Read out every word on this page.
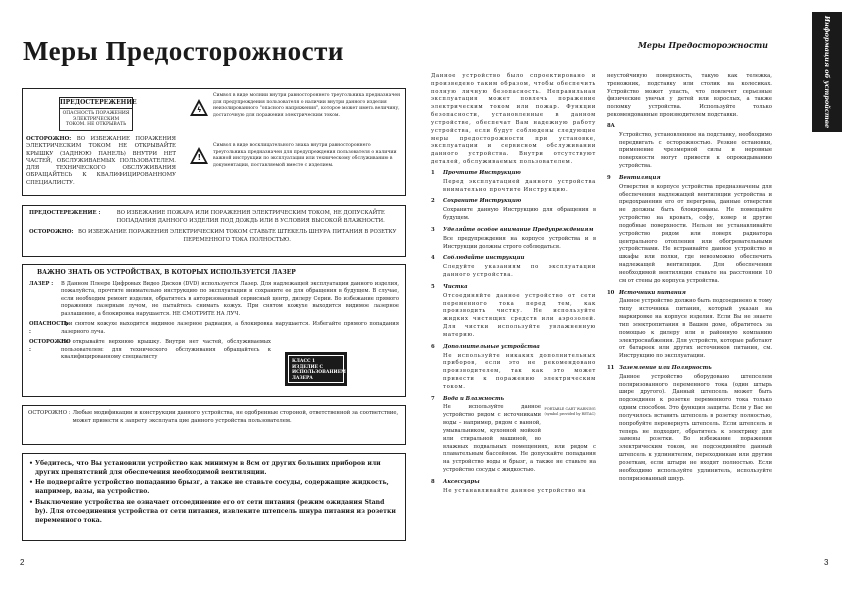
Меры Предосторожности
ПРЕДОСТЕРЕЖЕНИЕ
ОПАСНОСТЬ ПОРАЖЕНИЯ
ЭЛЕКТРИЧЕСКИМ
ТОКОМ. НЕ ОТКРЫВАТЬ
ОСТОРОЖНО: ВО ИЗБЕЖАНИЕ ПОРАЖЕНИЯ ЭЛЕКТРИЧЕСКИМ ТОКОМ НЕ ОТКРЫВАЙТЕ КРЫШКУ (ЗАДНЮЮ ПАНЕЛЬ) ВНУТРИ НЕТ ЧАСТЕЙ, ОБСЛУЖИВАЕМЫХ ПОЛЬЗОВАТЕЛЕМ. ДЛЯ ТЕХНИЧЕСКОГО ОБСЛУЖИВАНИЯ ОБРАЩАЙТЕСЬ К КВАЛИФИЦИРОВАННОМУ СПЕЦИАЛИСТУ.
ϟ
Символ в виде молнии внутри равностороннего треугольника предназначен для предупреждения пользователя о наличии внутри данного изделия неизолированного "опасного напряжения", которое может иметь величину, достаточную для поражения электрическим током.
!
Символ в виде восклицательного знака внутри равностороннего треугольника предназначен для предупреждения пользователя о наличии важной инструкции по эксплуатации или техническому обслуживанию в документации, поставляемой вместе с изделием.
ПРЕДОСТЕРЕЖЕНИЕ :	ВО ИЗБЕЖАНИЕ ПОЖАРА ИЛИ ПОРАЖЕНИЯ ЭЛЕКТРИЧЕСКИМ ТОКОМ, НЕ ДОПУСКАЙТЕ ПОПАДАНИЯ ДАННОГО ИЗДЕЛИЯ ПОД ДОЖДЬ ИЛИ В УСЛОВИЯ ВЫСОКОЙ ВЛАЖНОСТИ.
ОСТОРОЖНО: ВО ИЗБЕЖАНИЕ ПОРАЖЕНИЯ ЭЛЕКТРИЧЕСКИМ ТОКОМ СТАВЬТЕ ШТЕКЕЛЬ ШНУРА ПИТАНИЯ В РОЗЕТКУ ПЕРЕМЕННОГО ТОКА ПОЛНОСТЬЮ.
ВАЖНО ЗНАТЬ ОБ УСТРОЙСТВАХ, В КОТОРЫХ ИСПОЛЬЗУЕТСЯ ЛАЗЕР
ЛАЗЕР :	В Данном Плеере Цифровых Видео Дисков (DVD) используется Лазер. Для надлежащей эксплуатации данного изделия, пожалуйста, прочтите внимательно инструкцию по эксплуатации и сохраните ее для обращения в будущем. В случае, если необходим ремонт изделия, обратитесь в авторизованный сервисный центр, дилеру Серии. Во избежание прямого поражения лазерным лучом, не пытайтесь снимать кожух. При снятом кожухе выходится видимое лазерное разлашение, а блокировка нарушается. НЕ СМОТРИТЕ НА ЛУЧ.
ОПАСНОСТЬ :
При снятом кожухе выходится видимое лазерное радиация, а блокировка нарушается. Избегайте прямого попадания лазерного луча.
ОСТОРОЖНО :
Не открывайте верхнюю крышку. Внутри нет частей, обслуживаемых пользователем: для технического обслуживания обращайтесь к квалифицированному специалисту
КЛАСС 1 ИЗДЕЛИЕ С ИСПОЛЬЗОВАНИЕМ ЛАЗЕРА
ОСТОРОЖНО : Любые модификации и конструкции данного устройства, не одобренные стороной, ответственной за соответствие, может привести к запрету эксплуата цие данного устройства пользователем.

• Убедитесь, что Вы установили устройство как минимум в 8см от других больших приборов или других препятствий для обеспечения необходимой вентиляции.

• Не подвергайте устройство попаданию брызг, а также не ставьте сосуды, содержащие жидкость, например, вазы, на устройство.

• Выключение устройства не означает отсоединение его от сети питания (режим ожидания Stand by). Для отсоединения устройства от сети питания, извлеките штепсель шнура питания из розетки переменного тока.

2
Меры Предосторожности	Информация об устройстве

Данное устройство было спроектировано и произведено таким образом, чтобы обеспечить полную личную безопасность. Неправильная эксплуатация может повлечь поражение электрическим током или пожар. Функции безопасности, установленные в данном устройстве, обеспечат Вам надежную работу устройства, если будут соблюдены следующие меры предосторожности при установке, эксплуатации и сервисном обслуживании данного устройства. Внутри отсутствуют деталей, обслуживаемых пользователем.

1 Прочтите Инструкцию

Перед эксплуатацией данного устройства внимательно прочтите Инструкцию.

2 Сохраните Инструкцию

Сохраните данную Инструкцию для обращения в будущем.

3 Уделяйте особое внимание Предупреждениям

Все предупреждения на корпусе устройства и в Инструкции должны строго соблюдаться.

4 Соблюдайте инструкции

Следуйте указаниям по эксплуатации данного устройства.

5 Чистка

Отсоединяйте данное устройство от сети переменного тока перед тем, как производить чистку. Не используйте жидких чистящих средств или аэрозолей. Для чистки используйте увлажненную материю.

6 Дополнительные устройства

Не используйте никаких дополнительных приборов, если это не рекомендовано производителем, так как это может привести к поражению электрическим током.

7 Вода и Влажность
PORTABLE CART WARNING (symbol provided by RETAC)
Не используйте данное устройство рядом с источниками воды – например, рядом с ванной, умывальником, кухонной мойкой или стиральной машиной, во влажных подвальных помещениях, или рядом с плавательным бассейном. Не допускайте попадания на устройство воды и брызг, а также не ставьте на устройство сосуды с жидкостью.
8 Аксессуары

Не устанавливайте данное устройство на

неустойчивую поверхность, такую как тележка, треножник, подставку или столик на колесиках. Устройство может упасть, что повлечет серьезные физические увечья у детей или взрослых, а также поломку устройства. Используйте только рекомендованные производителем подставки.

8A

Устройство, установленное на подставку, необходимо передвигать с осторожностью. Резкие остановки, применение чрезмерной силы и неровные поверхности могут привести к опрокидыванию устройства.

9 Вентиляция

Отверстия в корпусе устройства предназначены для обеспечения надлежащей вентиляции устройства и предохранения его от перегрева, данные отверстия не должны быть блокированы. Не помещайте устройство на кровать, софу, ковер и другие подобные поверхности. Нельзя не устанавливайте устройство рядом или поверх радиатора центрального отопления или обогревательными устройствами. Не встраивайте данное устройство в шкафы или полки, где невозможно обеспечить надлежащей вентиляции. Для обеспечения необходимой вентиляции ставьте на расстоянии 10 см от стены до корпуса устройства.

10 Источники питания

Данное устройство должно быть подсоединено к тому типу источника питания, который указан на маркировке на корпусе изделия. Если Вы не знаете тип электропитания в Вашем доме, обратитесь за помощью к дилеру или в районную компанию электроснабжения. Для устройств, которые работают от батареек или других источников питания, см. Инструкцию по эксплуатации.

11 Заземление или Полярность

Данное устройство оборудовано штепселем поляризованного переменного тока (один штырь шире другого). Данный штепсель может быть подсоединен к розетке переменного тока только одним способом. Это функция защиты. Если у Вас не получилось вставить штепсель в розетку полностью, попробуйте перевернуть штепсель. Если штепсель и теперь не подходит, обратитесь к электрику для замены розетки. Во избежание поражения электрическим током, не подсоединяйте данный штепсель к удлинителям, переходникам или другим розеткам, если штыри не входят полностью. Если необходимо используйте удлинитель, используйте поляризованный шнур.

3
